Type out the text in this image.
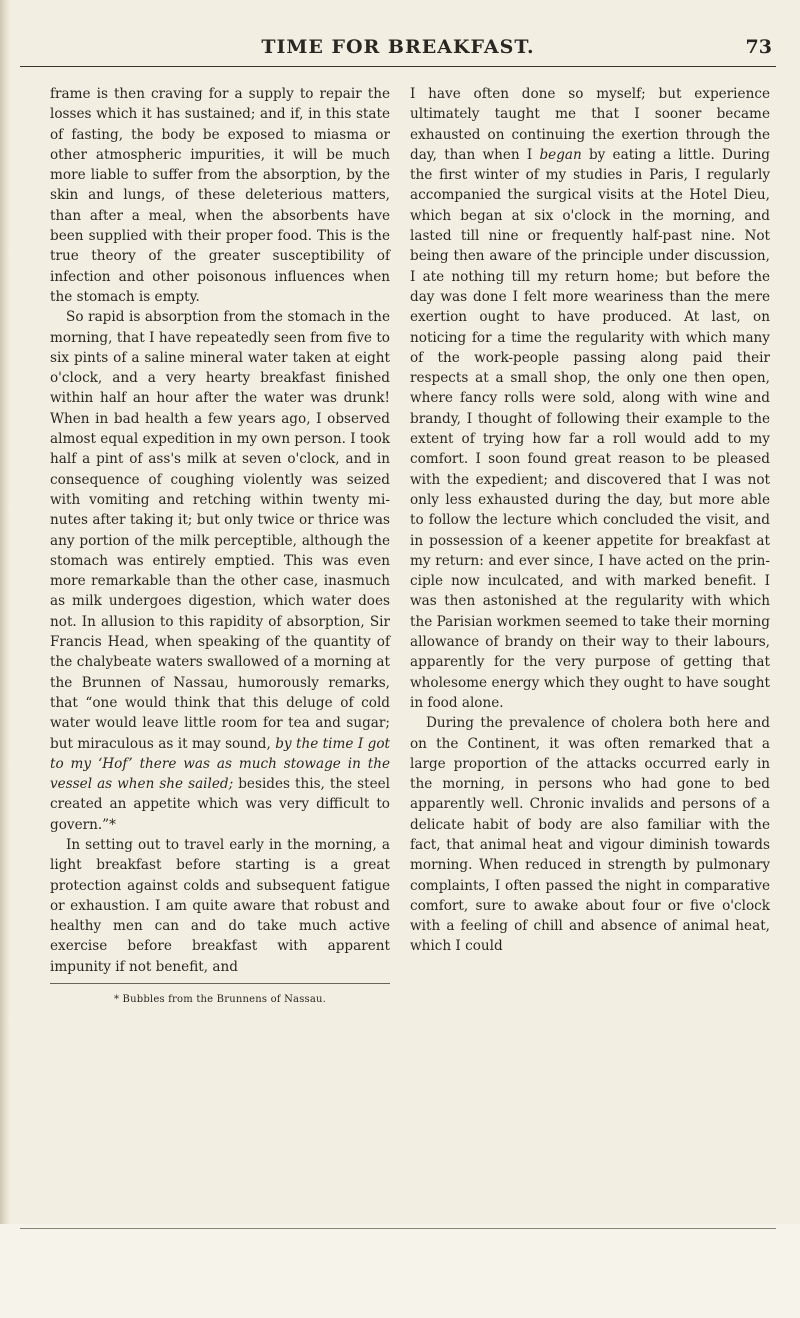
TIME FOR BREAKFAST.	73

frame is then craving for a supply to repair the losses which it has sustained; and if, in this state of fasting, the body be exposed to miasma or other atmospheric impurities, it will be much more liable to suffer from the absorption, by the skin and lungs, of these deleterious matters, than after a meal, when the absorbents have been supplied with their proper food. This is the true theory of the greater susceptibility of infection and other poisonous influences when the stomach is empty.

So rapid is absorption from the stomach in the morning, that I have repeatedly seen from five to six pints of a saline mineral water taken at eight o'clock, and a very hearty breakfast finished within half an hour after the water was drunk! When in bad health a few years ago, I observed almost equal expedition in my own person. I took half a pint of ass's milk at seven o'clock, and in consequence of coughing violently was seized with vomiting and retching within twenty minutes after taking it; but only twice or thrice was any portion of the milk perceptible, although the stomach was entirely emptied. This was even more remarkable than the other case, inasmuch as milk undergoes digestion, which water does not. In allusion to this rapidity of absorption, Sir Francis Head, when speaking of the quantity of the chalybeate waters swallowed of a morning at the Brunnen of Nassau, humorously remarks, that “one would think that this deluge of cold water would leave little room for tea and sugar; but miraculous as it may sound, by the time I got to my ‘Hof’ there was as much stowage in the vessel as when she sailed; besides this, the steel created an appetite which was very difficult to govern.”*

In setting out to travel early in the morning, a light breakfast before starting is a great protection against colds and subsequent fatigue or exhaustion. I am quite aware that robust and healthy men can and do take much active exercise before breakfast with apparent impunity if not benefit, and

* Bubbles from the Brunnens of Nassau.

I have often done so myself; but experience ultimately taught me that I sooner became exhausted on continuing the exertion through the day, than when I began by eating a little. During the first winter of my studies in Paris, I regularly accompanied the surgical visits at the Hotel Dieu, which began at six o'clock in the morning, and lasted till nine or frequently half-past nine. Not being then aware of the principle under discussion, I ate nothing till my return home; but before the day was done I felt more weariness than the mere exertion ought to have produced. At last, on noticing for a time the regularity with which many of the work-people passing along paid their respects at a small shop, the only one then open, where fancy rolls were sold, along with wine and brandy, I thought of following their example to the extent of trying how far a roll would add to my comfort. I soon found great reason to be pleased with the expedient; and discovered that I was not only less exhausted during the day, but more able to follow the lecture which concluded the visit, and in possession of a keener appetite for breakfast at my return: and ever since, I have acted on the principle now inculcated, and with marked benefit. I was then astonished at the regularity with which the Parisian workmen seemed to take their morning allowance of brandy on their way to their labours, apparently for the very purpose of getting that wholesome energy which they ought to have sought in food alone.

During the prevalence of cholera both here and on the Continent, it was often remarked that a large proportion of the attacks occurred early in the morning, in persons who had gone to bed apparently well. Chronic invalids and persons of a delicate habit of body are also familiar with the fact, that animal heat and vigour diminish towards morning. When reduced in strength by pulmonary complaints, I often passed the night in comparative comfort, sure to awake about four or five o'clock with a feeling of chill and absence of animal heat, which I could
